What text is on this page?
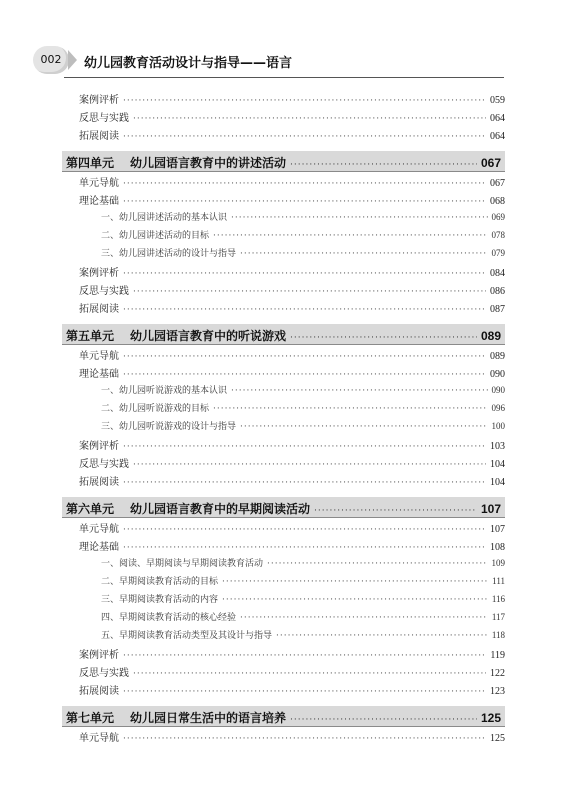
002	幼儿园教育活动设计与指导——语言
案例评析 ·····	059
反思与实践 ·····	064
拓展阅读 ·····	064
第四单元 幼儿园语言教育中的讲述活动 ·····	067
单元导航 ·····	067
理论基础 ·····	068
一、幼儿园讲述活动的基本认识 ·····	069
二、幼儿园讲述活动的目标 ·····	078
三、幼儿园讲述活动的设计与指导 ·····	079
案例评析 ·····	084
反思与实践 ·····	086
拓展阅读 ·····	087
第五单元 幼儿园语言教育中的听说游戏 ·····	089
单元导航 ·····	089
理论基础 ·····	090
一、幼儿园听说游戏的基本认识 ·····	090
二、幼儿园听说游戏的目标 ·····	096
三、幼儿园听说游戏的设计与指导 ·····	100
案例评析 ·····	103
反思与实践 ·····	104
拓展阅读 ·····	104
第六单元 幼儿园语言教育中的早期阅读活动 ·····	107
单元导航 ·····	107
理论基础 ·····	108
一、阅读、早期阅读与早期阅读教育活动 ·····	109
二、早期阅读教育活动的目标 ·····	111
三、早期阅读教育活动的内容 ·····	116
四、早期阅读教育活动的核心经验 ·····	117
五、早期阅读教育活动类型及其设计与指导 ·····	118
案例评析 ·····	119
反思与实践 ·····	122
拓展阅读 ·····	123
第七单元 幼儿园日常生活中的语言培养 ·····	125
单元导航 ·····	125
